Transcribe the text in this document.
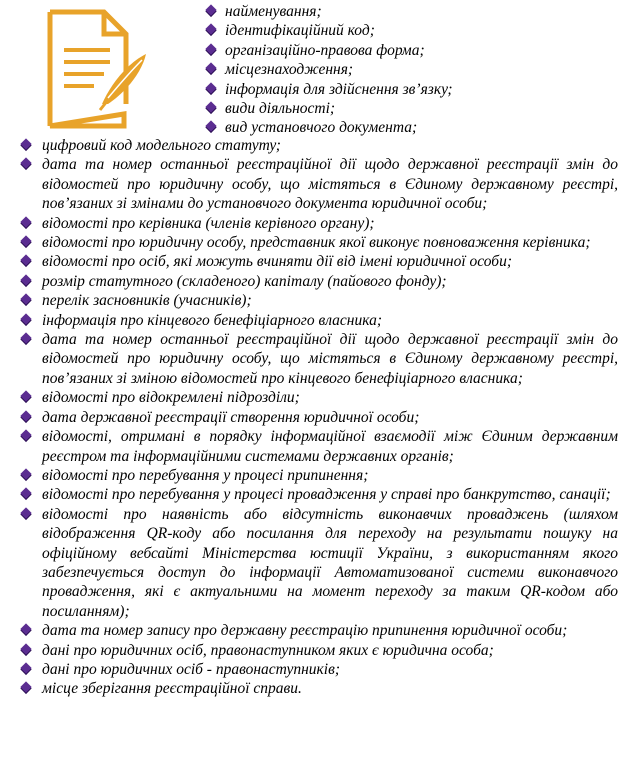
найменування;
ідентифікаційний код;
організаційно-правова форма;
місцезнаходження;
інформація для здійснення зв’язку;
види діяльності;
вид установчого документа;
цифровий код модельного статуту;
дата та номер останньої реєстраційної дії щодо державної реєстрації змін до відомостей про юридичну особу, що містяться в Єдиному державному реєстрі, пов’язаних зі змінами до установчого документа юридичної особи;
відомості про керівника (членів керівного органу);
відомості про юридичну особу, представник якої виконує повноваження керівника;
відомості про осіб, які можуть вчиняти дії від імені юридичної особи;
розмір статутного (складеного) капіталу (пайового фонду);
перелік засновників (учасників);
інформація про кінцевого бенефіціарного власника;
дата та номер останньої реєстраційної дії щодо державної реєстрації змін до відомостей про юридичну особу, що містяться в Єдиному державному реєстрі, пов’язаних зі зміною відомостей про кінцевого бенефіціарного власника;
відомості про відокремлені підрозділи;
дата державної реєстрації створення юридичної особи;
відомості, отримані в порядку інформаційної взаємодії між Єдиним державним реєстром та інформаційними системами державних органів;
відомості про перебування у процесі припинення;
відомості про перебування у процесі провадження у справі про банкрутство, санації;
відомості про наявність або відсутність виконавчих проваджень (шляхом відображення QR-коду або посилання для переходу на результати пошуку на офіційному вебсайті Міністерства юстиції України, з використанням якого забезпечується доступ до інформації Автоматизованої системи виконавчого провадження, які є актуальними на момент переходу за таким QR-кодом або посиланням);
дата та номер запису про державну реєстрацію припинення юридичної особи;
дані про юридичних осіб, правонаступником яких є юридична особа;
дані про юридичних осіб - правонаступників;
місце зберігання реєстраційної справи.
